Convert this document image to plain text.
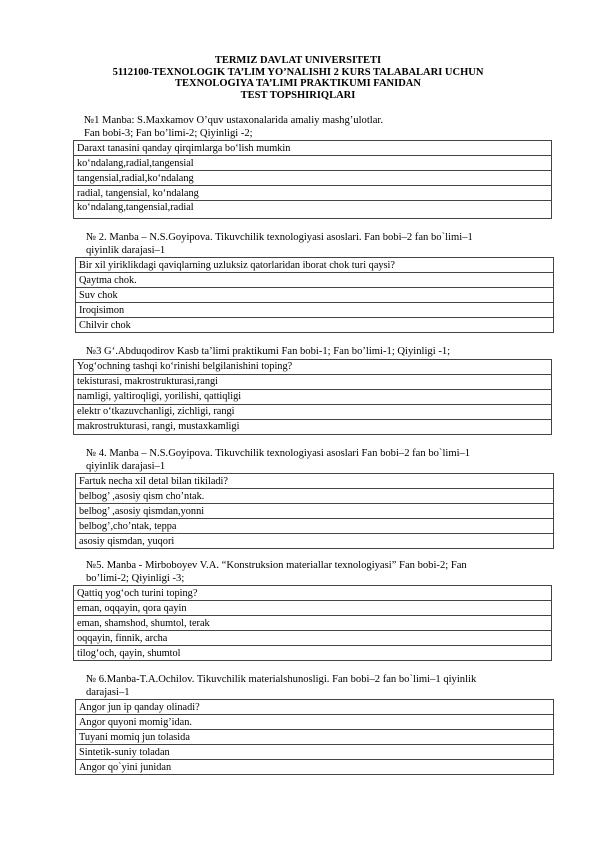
TERMIZ DAVLAT UNIVERSITETI
5112100-TEXNOLOGIK TA’LIM YO’NALISHI 2 KURS TALABALARI UCHUN
TEXNOLOGIYA TA’LIMI PRAKTIKUMI FANIDAN
TEST TOPSHIRIQLARI
№1 Manba: S.Maxkamov O’quv ustaxonalarida amaliy mashg’ulotlar.
Fan bobi-3; Fan bo’limi-2; Qiyinligi -2;
Daraxt tanasini qanday qirqimlarga bo‘lish mumkin
ko‘ndalang,radial,tangensial
tangensial,radial,ko‘ndalang
radial, tangensial, ko‘ndalang
ko‘ndalang,tangensial,radial
№ 2. Manba – N.S.Goyipova. Tikuvchilik texnologiyasi asoslari. Fan bobi–2 fan bo`limi–1
qiyinlik darajasi–1
Bir xil yiriklikdagi qaviqlarning uzluksiz qatorlaridan iborat chok turi qaysi?
Qaytma chok.
Suv chok
Iroqisimon
Chilvir chok
№3 G‘.Abduqodirov Kasb ta’limi praktikumi Fan bobi-1; Fan bo’limi-1; Qiyinligi -1;
Yog‘ochning tashqi ko‘rinishi belgilanishini toping?
tekisturasi, makrostrukturasi,rangi
namligi, yaltiroqligi, yorilishi, qattiqligi
elektr o‘tkazuvchanligi, zichligi, rangi
makrostrukturasi, rangi, mustaxkamligi
№ 4. Manba – N.S.Goyipova. Tikuvchilik texnologiyasi asoslari Fan bobi–2 fan bo`limi–1
qiyinlik darajasi–1
Fartuk necha xil detal bilan tikiladi?
belbog’ ,asosiy qism cho’ntak.
belbog’ ,asosiy qismdan,yonni
belbog’,cho’ntak, teppa
asosiy qismdan, yuqori
№5. Manba - Mirboboyev V.A. “Konstruksion materiallar texnologiyasi” Fan bobi-2; Fan
bo’limi-2; Qiyinligi -3;
Qattiq yog‘och turini toping?
eman, oqqayin, qora qayin
eman, shamshod, shumtol, terak
oqqayin, finnik, archa
tilog‘och, qayin, shumtol
№ 6.Manba-T.A.Ochilov. Tikuvchilik materialshunosligi. Fan bobi–2 fan bo`limi–1 qiyinlik
darajasi–1
Angor jun ip qanday olinadi?
Angor quyoni momig’idan.
Tuyani momiq jun tolasida
Sintetik-suniy toladan
Angor qo`yini junidan
